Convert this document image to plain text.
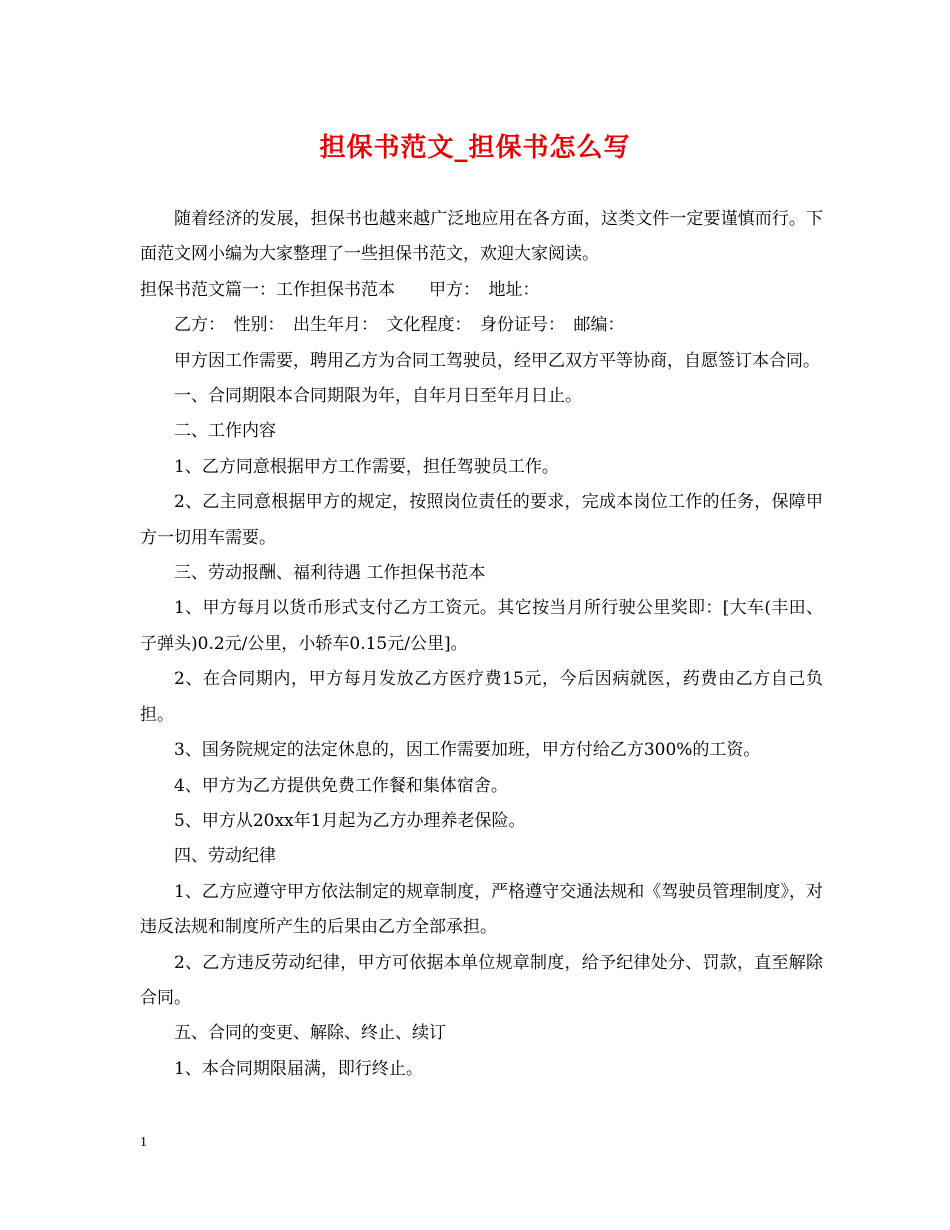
担保书范文_担保书怎么写

随着经济的发展，担保书也越来越广泛地应用在各方面，这类文件一定要谨慎而行。下面范文网小编为大家整理了一些担保书范文，欢迎大家阅读。

担保书范文篇一：工作担保书范本　　甲方：　地址：

乙方：　性别：　出生年月：　文化程度：　身份证号：　邮编：

甲方因工作需要，聘用乙方为合同工驾驶员，经甲乙双方平等协商，自愿签订本合同。

一、合同期限本合同期限为年，自年月日至年月日止。

二、工作内容

1、乙方同意根据甲方工作需要，担任驾驶员工作。

2、乙主同意根据甲方的规定，按照岗位责任的要求，完成本岗位工作的任务，保障甲方一切用车需要。

三、劳动报酬、福利待遇 工作担保书范本

1、甲方每月以货币形式支付乙方工资元。其它按当月所行驶公里奖即：[大车(丰田、子弹头)0.2元/公里，小轿车0.15元/公里]。

2、在合同期内，甲方每月发放乙方医疗费15元，今后因病就医，药费由乙方自己负担。

3、国务院规定的法定休息的，因工作需要加班，甲方付给乙方300%的工资。

4、甲方为乙方提供免费工作餐和集体宿舍。

5、甲方从20xx年1月起为乙方办理养老保险。

四、劳动纪律

1、乙方应遵守甲方依法制定的规章制度，严格遵守交通法规和《驾驶员管理制度》，对违反法规和制度所产生的后果由乙方全部承担。

2、乙方违反劳动纪律，甲方可依据本单位规章制度，给予纪律处分、罚款，直至解除合同。

五、合同的变更、解除、终止、续订

1、本合同期限届满，即行终止。

1
